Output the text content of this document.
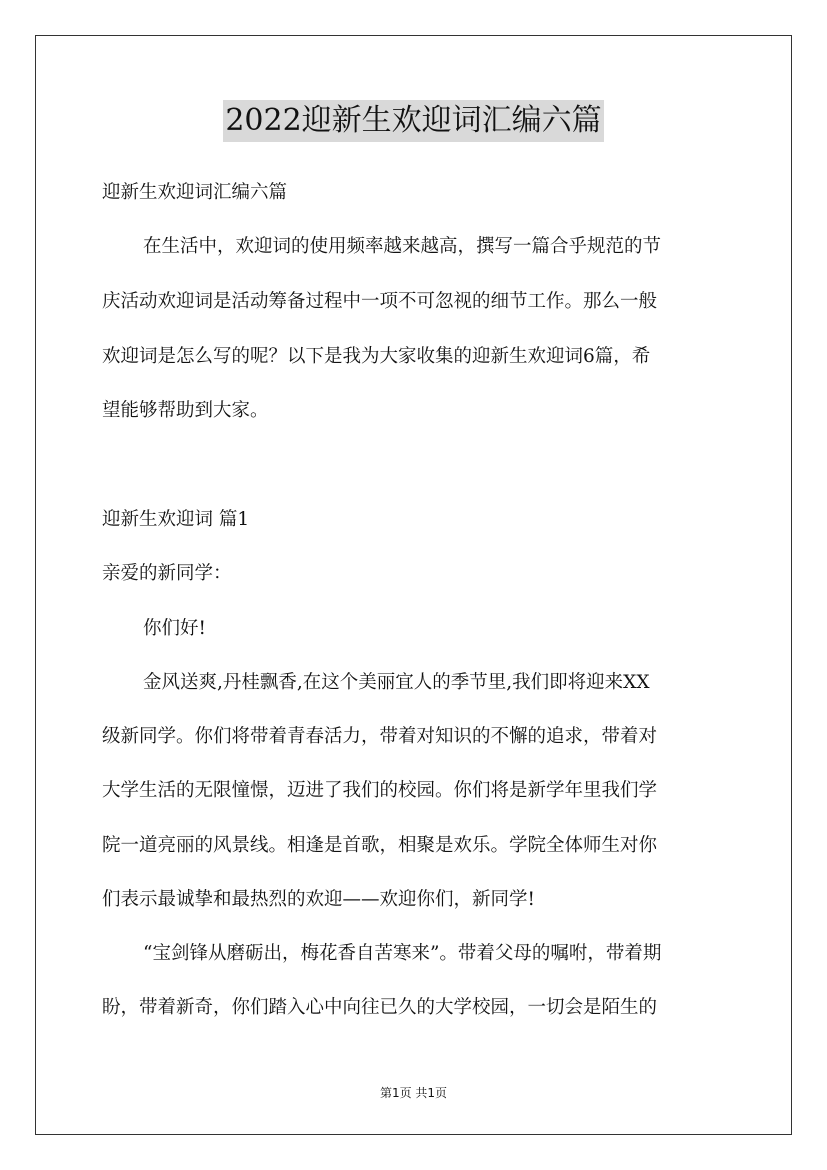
2022迎新生欢迎词汇编六篇
迎新生欢迎词汇编六篇
在生活中，欢迎词的使用频率越来越高，撰写一篇合乎规范的节
庆活动欢迎词是活动筹备过程中一项不可忽视的细节工作。那么一般
欢迎词是怎么写的呢？以下是我为大家收集的迎新生欢迎词6篇，希
望能够帮助到大家。
迎新生欢迎词 篇1
亲爱的新同学：
你们好!
金风送爽,丹桂飘香,在这个美丽宜人的季节里,我们即将迎来XX
级新同学。你们将带着青春活力，带着对知识的不懈的追求，带着对
大学生活的无限憧憬，迈进了我们的校园。你们将是新学年里我们学
院一道亮丽的风景线。相逢是首歌，相聚是欢乐。学院全体师生对你
们表示最诚挚和最热烈的欢迎——欢迎你们，新同学!
“宝剑锋从磨砺出，梅花香自苦寒来”。带着父母的嘱咐，带着期
盼，带着新奇，你们踏入心中向往已久的大学校园，一切会是陌生的
第1页 共1页
